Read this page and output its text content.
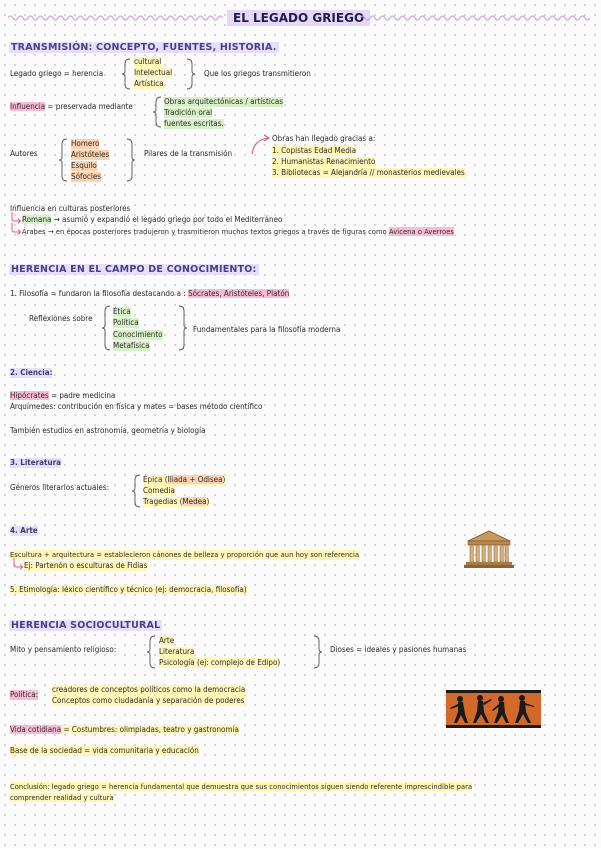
EL LEGADO GRIEGO
TRANSMISIÓN: CONCEPTO, FUENTES, HISTORIA.
Legado griego = herencia
cultural
Intelectual
Artística
Que los griegos transmitieron
Influencia = preservada mediante
Obras arquitectónicas / artísticas
Tradición oral
fuentes escritas.
Autores
Homero
Aristóteles
Esquilo
Sófocles
Pilares de la transmisión
Obras han llegado gracias a:
1. Copistas Edad Media
2. Humanistas Renacimiento
3. Bibliotecas = Alejandría // monasterios medievales
Influencia en culturas posteriores
Romana → asumió y expandió el legado griego por todo el Mediterráneo
Árabes → en épocas posteriores tradujeron y trasmitieron muchos textos griegos a través de figuras como Avicena o Averroes
HERENCIA EN EL CAMPO DE CONOCIMIENTO:
1. Filosofía = fundaron la filosofía destacando a : Sócrates, Aristóteles, Platón
Reflexiones sobre
Ética
Política
Conocimiento
Metafísica
Fundamentales para la filosofía moderna
2. Ciencia:
Hipócrates = padre medicina
Arquímedes: contribución en física y mates = bases método científico
También estudios en astronomía, geometría y biología
3. Literatura
Géneros literarios actuales:
Épica (Iliada + Odisea)
Comedia
Tragedias (Medea)
4. Arte
Escultura + arquitectura = establecieron cánones de belleza y proporción que aun hoy son referencia
Ej: Partenón o esculturas de Fidias
5. Etimología: léxico científico y técnico (ej: democracia, filosofía)
HERENCIA SOCIOCULTURAL
Mito y pensamiento religioso:
Arte
Literatura
Psicología (ej: complejo de Edipo)
Dioses = ideales y pasiones humanas
Política:
creadores de conceptos políticos como la democracia
Conceptos como ciudadanía y separación de poderes
Vida cotidiana = Costumbres: olimpiadas, teatro y gastronomía
Base de la sociedad = vida comunitaria y educación
Conclusión: legado griego = herencia fundamental que demuestra que sus conocimientos siguen siendo referente imprescindible para
comprender realidad y cultura
